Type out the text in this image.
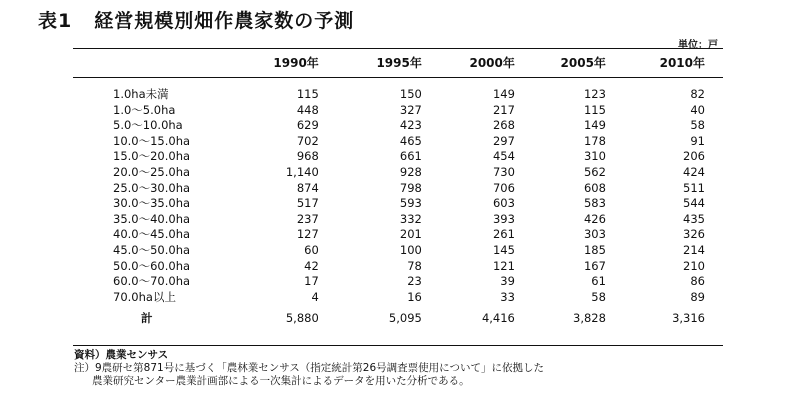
表1 経営規模別畑作農家数の予測
単位：戸
	1990年	1995年	2000年	2005年	2010年
1.0ha未満	115	150	149	123	82
1.0～5.0ha	448	327	217	115	40
5.0～10.0ha	629	423	268	149	58
10.0～15.0ha	702	465	297	178	91
15.0～20.0ha	968	661	454	310	206
20.0～25.0ha	1,140	928	730	562	424
25.0～30.0ha	874	798	706	608	511
30.0～35.0ha	517	593	603	583	544
35.0～40.0ha	237	332	393	426	435
40.0～45.0ha	127	201	261	303	326
45.0～50.0ha	60	100	145	185	214
50.0～60.0ha	42	78	121	167	210
60.0～70.0ha	17	23	39	61	86
70.0ha以上	4	16	33	58	89
計	5,880	5,095	4,416	3,828	3,316
資料）農業センサス
注）9農研セ第871号に基づく「農林業センサス（指定統計第26号調査票使用について」に依拠した
農業研究センター農業計画部による一次集計によるデータを用いた分析である。
